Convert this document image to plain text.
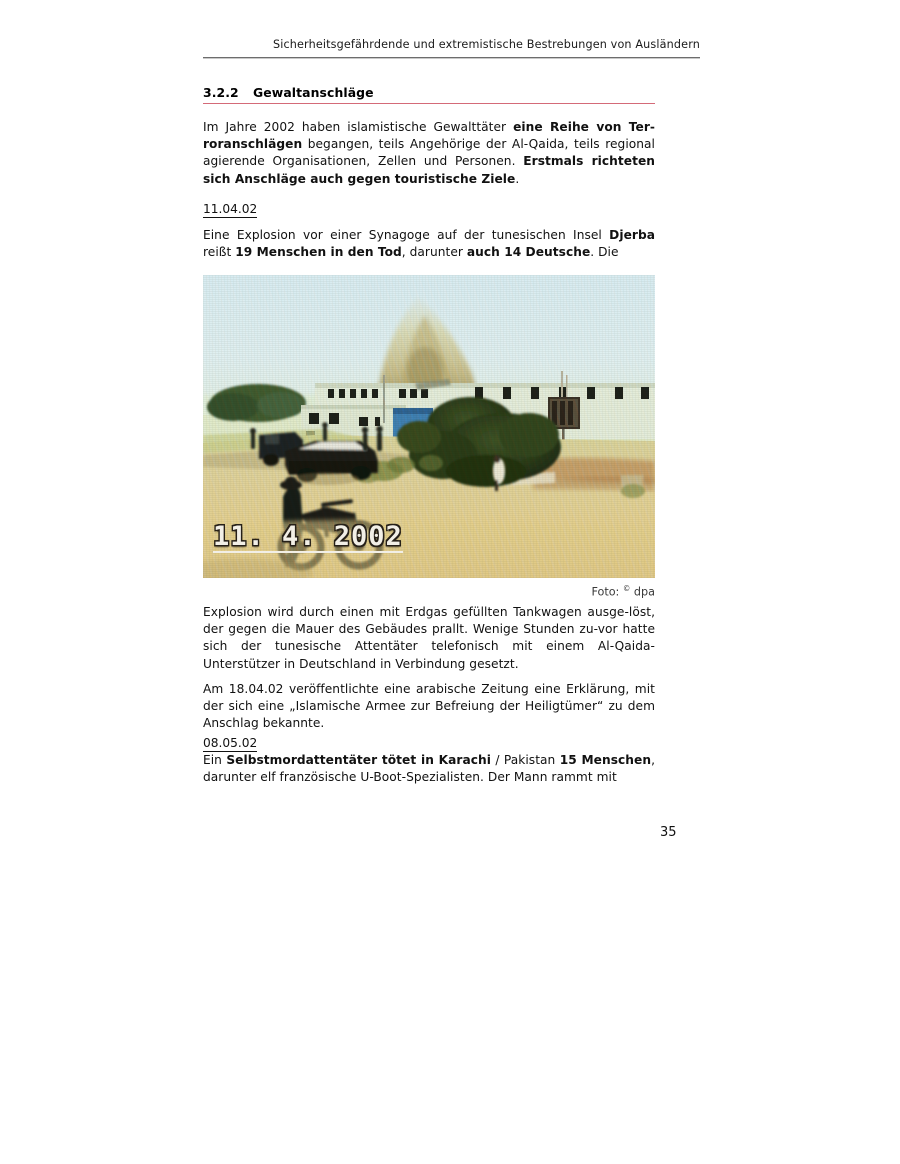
Sicherheitsgefährdende und extremistische Bestrebungen von Ausländern
3.2.2 Gewaltanschläge
Im Jahre 2002 haben islamistische Gewalttäter eine Reihe von Ter-roranschlägen begangen, teils Angehörige der Al-Qaida, teils regional agierende Organisationen, Zellen und Personen. Erstmals richteten sich Anschläge auch gegen touristische Ziele.
11.04.02
Eine Explosion vor einer Synagoge auf der tunesischen Insel Djerba reißt 19 Menschen in den Tod, darunter auch 14 Deutsche. Die
11. 4. 2002
Foto: © dpa
Explosion wird durch einen mit Erdgas gefüllten Tankwagen ausge-löst, der gegen die Mauer des Gebäudes prallt. Wenige Stunden zu-vor hatte sich der tunesische Attentäter telefonisch mit einem Al-Qaida-Unterstützer in Deutschland in Verbindung gesetzt.
Am 18.04.02 veröffentlichte eine arabische Zeitung eine Erklärung, mit der sich eine „Islamische Armee zur Befreiung der Heiligtümer“ zu dem Anschlag bekannte.
08.05.02
Ein Selbstmordattentäter tötet in Karachi / Pakistan 15 Menschen, darunter elf französische U-Boot-Spezialisten. Der Mann rammt mit
35
